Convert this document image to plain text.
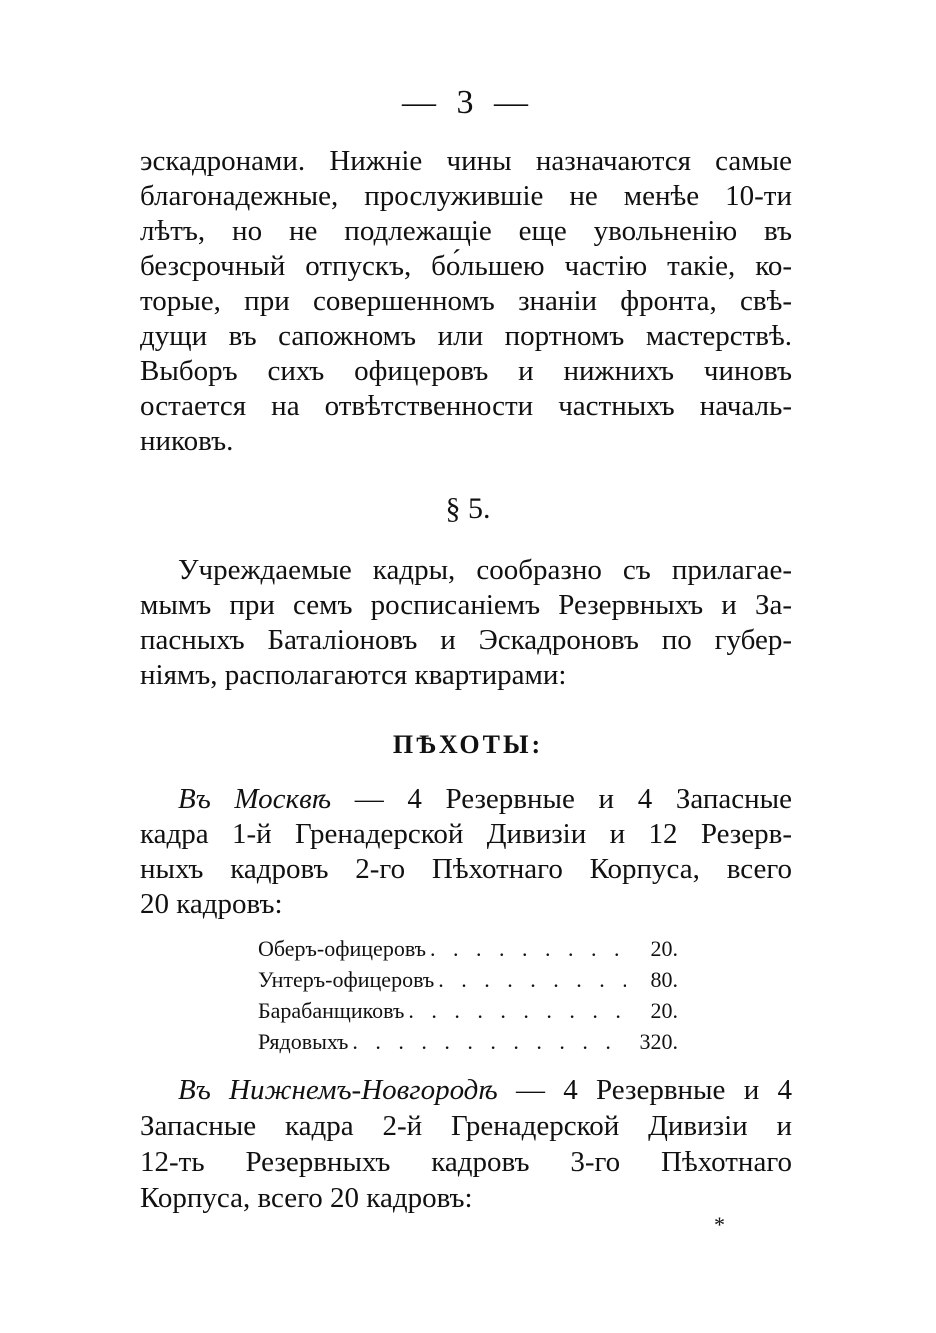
— 3 —
эскадронами. Нижніе чины назначаются самые
благонадежные, прослужившіе не менѣе 10-ти
лѣтъ, но не подлежащіе еще увольненію въ
безсрочный отпускъ, бо́льшею частію такіе, ко-
торые, при совершенномъ знаніи фронта, свѣ-
дущи въ сапожномъ или портномъ мастерствѣ.
Выборъ сихъ офицеровъ и нижнихъ чиновъ
остается на отвѣтственности частныхъ началь-
никовъ.
§ 5.
Учреждаемые кадры, сообразно съ прилагае-
мымъ при семъ росписаніемъ Резервныхъ и За-
пасныхъ Баталіоновъ и Эскадроновъ по губер-
ніямъ, располагаются квартирами:
ПѢХОТЫ:
Въ Москвѣ — 4 Резервные и 4 Запасные
кадра 1-й Гренадерской Дивизіи и 12 Резерв-
ныхъ кадровъ 2-го Пѣхотнаго Корпуса, всего
20 кадровъ:
Оберъ-офицеровъ . . .	20.
Унтеръ-офицеровъ . . .	80.
Барабанщиковъ . . .	20.
Рядовыхъ . . .	320.
Въ Нижнемъ-Новгородѣ — 4 Резервные и 4
Запасные кадра 2-й Гренадерской Дивизіи и
12-ть Резервныхъ кадровъ 3-го Пѣхотнаго
Корпуса, всего 20 кадровъ:
*
